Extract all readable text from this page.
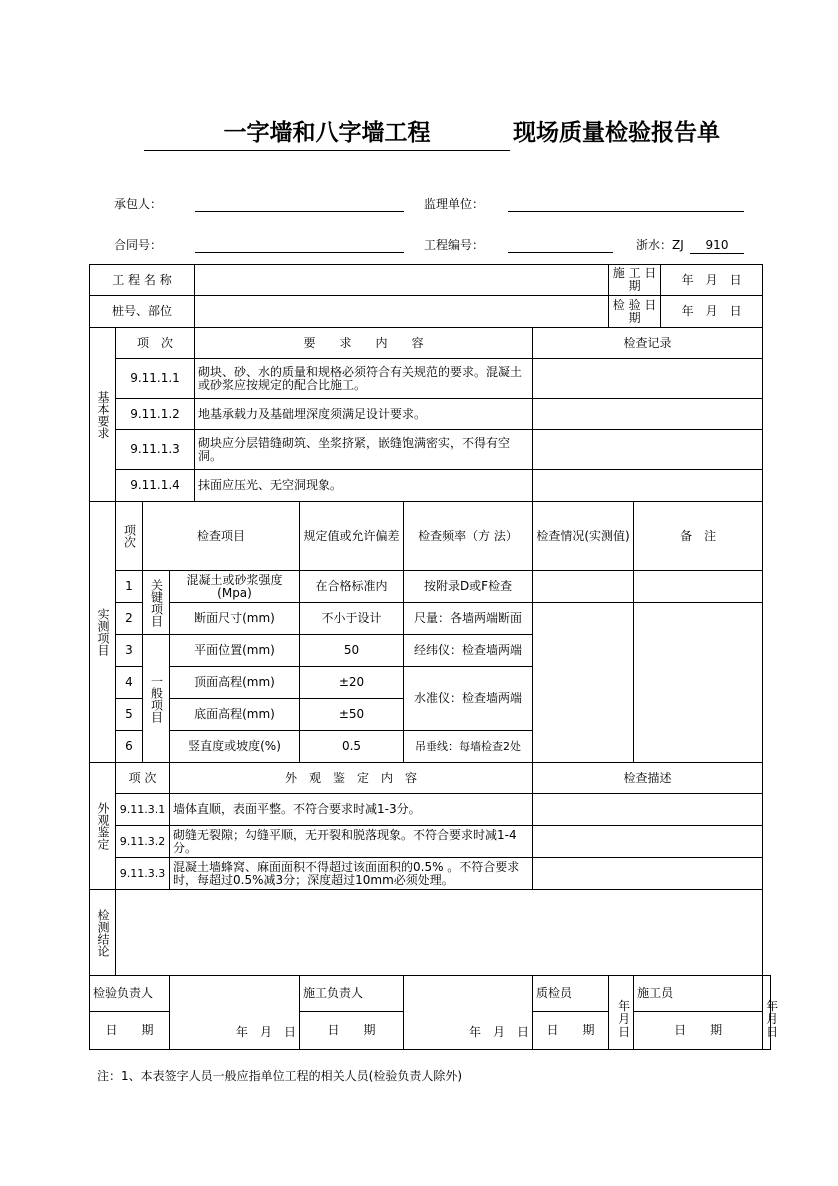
一字墙和八字墙工程	现场质量检验报告单
承包人：	监理单位：
合同号：	工程编号：	浙水：ZJ	910
工 程 名 称								施 工 日 期		年　月　日	
桩号、部位								检 验 日 期		年　月　日	
基本要求	项　次			要　　求　　内　　容			检查记录				
	9.11.1.1			砌块、砂、水的质量和规格必须符合有关规范的要求。混凝土或砂浆应按规定的配合比施工。							
	9.11.1.2			地基承载力及基础埋深度须满足设计要求。							
	9.11.1.3			砌块应分层错缝砌筑、坐浆挤紧，嵌缝饱满密实，不得有空洞。							
	9.11.1.4			抹面应压光、无空洞现象。							
实测项目	项次	检查项目			规定值或允许偏差	检查频率（方 法）	检查情况(实测值)		备　注		
	1	关键项目	混凝土或砂浆强度(Mpa)		在合格标准内	按附录D或F检查					
	2		断面尺寸(mm)		不小于设计	尺量：各墙两端断面					
	3	一般项目	平面位置(mm)		50	经纬仪：检查墙两端					
	4		顶面高程(mm)		±20	水准仪：检查墙两端					
	5		底面高程(mm)		±50						
	6		竖直度或坡度(%)		0.5	吊垂线：每墙检查2处					
外观鉴定	项 次		外　观　鉴　定　内　容				检查描述				
	9.11.3.1		墙体直顺，表面平整。不符合要求时减1-3分。								
	9.11.3.2		砌缝无裂隙；勾缝平顺，无开裂和脱落现象。不符合要求时减1-4分。								
	9.11.3.3		混凝土墙蜂窝、麻面面积不得超过该面面积的0.5% 。不符合要求时，每超过0.5%减3分；深度超过10mm必须处理。								
检测结论											
检验负责人			年　月　日		施工负责人	年　月　日	质检员	年　月　日	施工员		年　月　日
日　　期					日　　期		日　　期		日　　期		
注：1、本表签字人员一般应指单位工程的相关人员(检验负责人除外)
